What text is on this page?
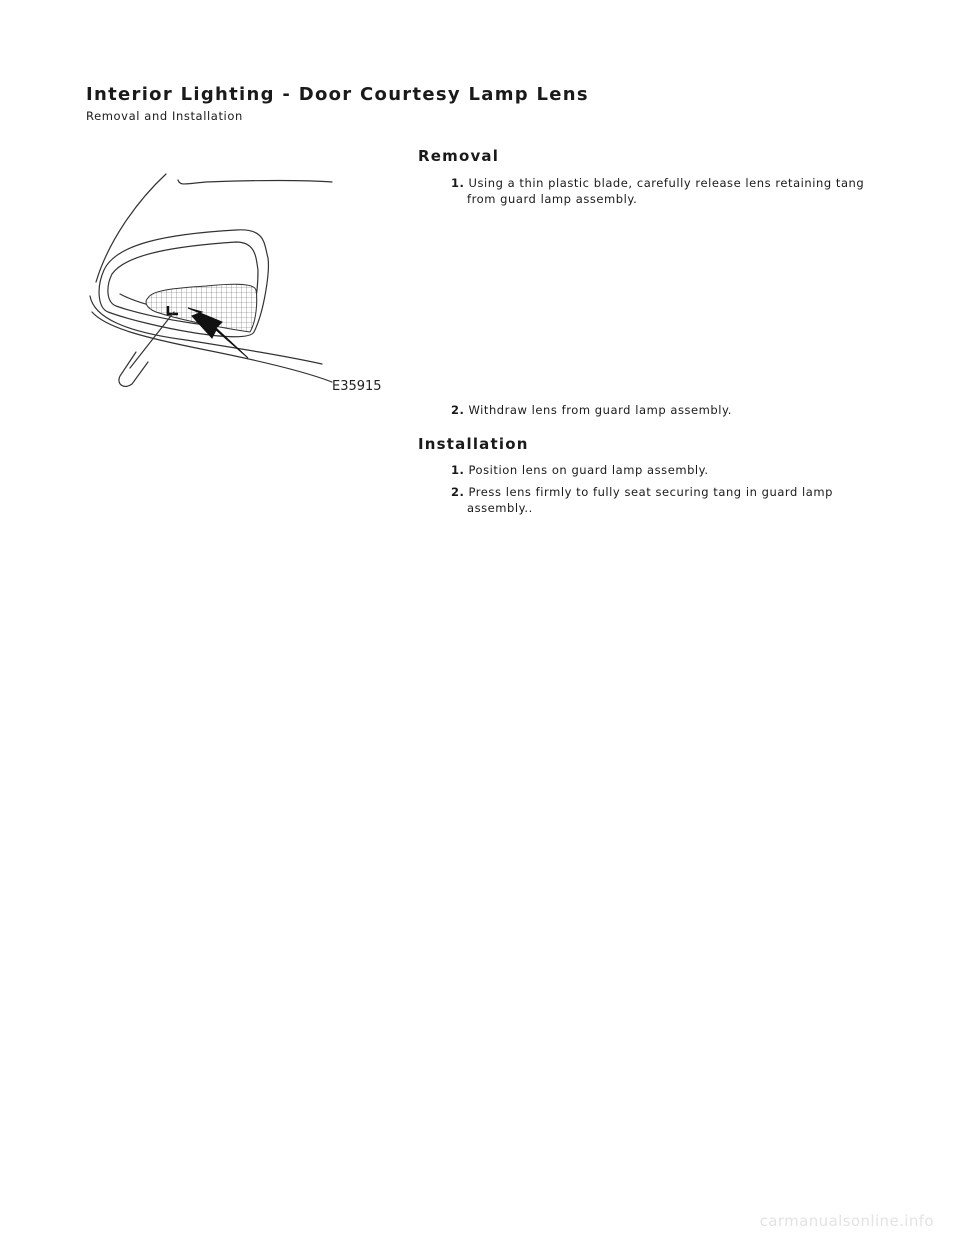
Interior Lighting - Door Courtesy Lamp Lens
Removal and Installation
E35915
Removal
1. Using a thin plastic blade, carefully release lens retaining tang from guard lamp assembly.
2. Withdraw lens from guard lamp assembly.
Installation
1. Position lens on guard lamp assembly.
2. Press lens firmly to fully seat securing tang in guard lamp assembly..
carmanualsonline.info
